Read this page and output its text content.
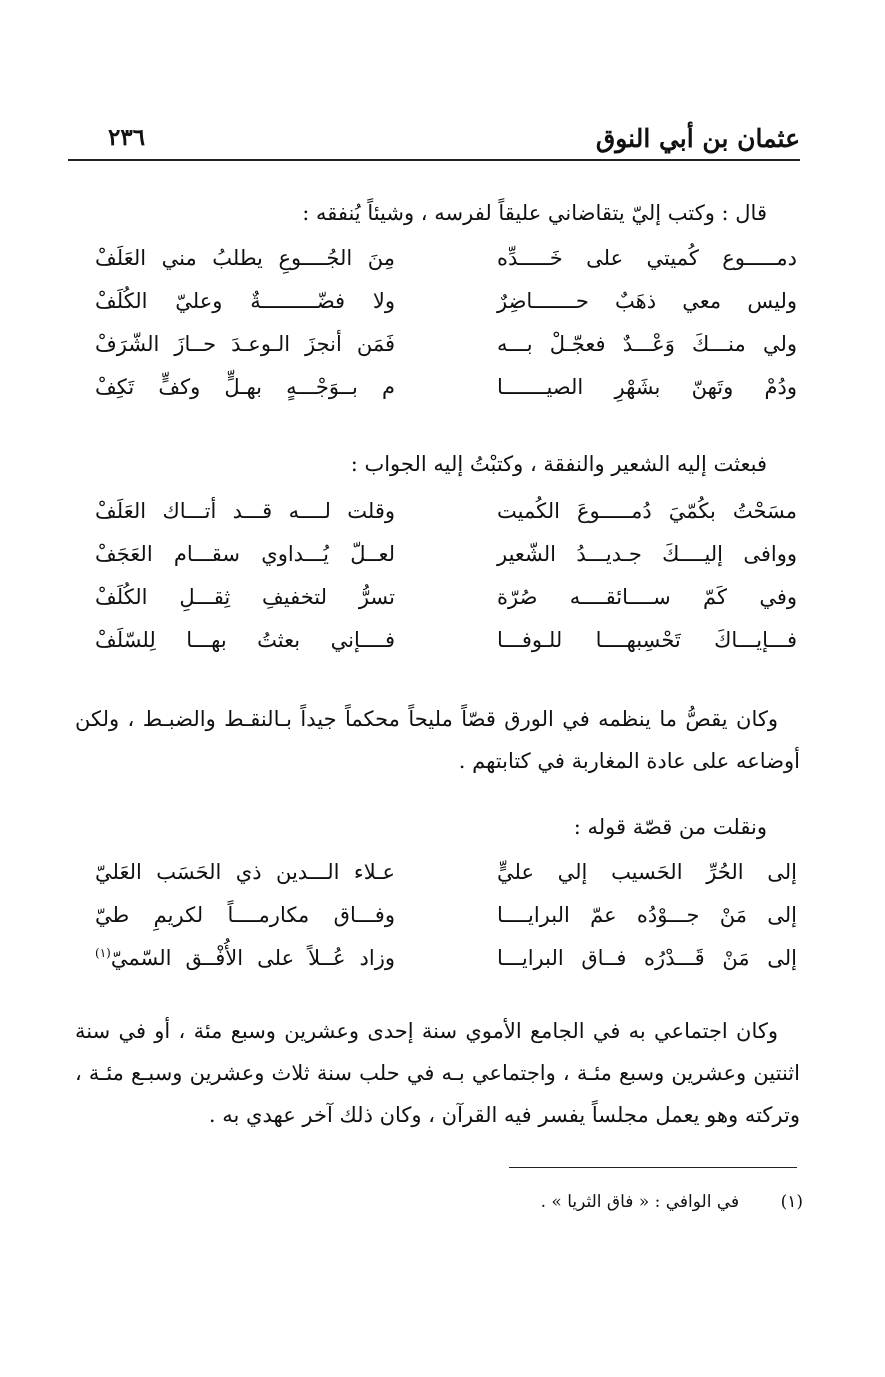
عثمان بن أبي النوق
٢٣٦
قال : وكتب إليّ يتقاضاني عليقاً لفرسه ، وشيئاً يُنفقه :
دمـــــوع كُميتي على خَـــــدِّه
مِنَ الجُــــوعِ يطلبُ مني العَلَفْ
وليس معي ذهَبٌ حـــــــاضِرٌ
ولا فضّـــــــــةٌ وعليّ الكُلَفْ
ولي منـــكَ وَعْـــدٌ فعجّـلْ بـــه
فَمَن أنجزَ الـوعـدَ حــازَ الشّرَفْ
ودُمْ وتَهنّ بشَهْرِ الصيـــــــا
م بــوَجْـــهٍ بهـلٍّ وكفٍّ تَكِفْ
فبعثت إليه الشعير والنفقة ، وكتبْتُ إليه الجواب :
مسَحْتُ بكُمّيَ دُمـــــوعَ الكُميت
وقلت لــــه قـــد أتـــاك العَلَفْ
ووافى إليــــكَ جـديـــدُ الشّعير
لعــلّ يُـــداوي سقـــام العَجَفْ
وفي كَمّ ســــائقــــه صُرّة
تسرُّ لتخفيفِ ثِقـــلِ الكُلَفْ
فـــإيـــاكَ تَحْسِبهــــا للـوفـــا
فــــإني بعثتُ بهـــا لِلسّلَفْ
وكان يقصُّ ما ينظمه في الورق قصّاً مليحاً محكماً جيداً بـالنقـط والضبـط ، ولكن أوضاعه على عادة المغاربة في كتابتهم .
ونقلت من قصّة قوله :
إلى الحُرِّ الحَسيب إلي عليٍّ
عـلاء الـــدين ذي الحَسَب العَليّ
إلى مَنْ جـــوْدُه عمّ البرايــــا
وفـــاق مكارمــــاً لكريمِ طيّ
إلى مَنْ قَـــدْرُه فــاق البرايـــا
وزاد عُــلاً على الأُفْــق السّميّ$^{(١)}$
وكان اجتماعي به في الجامع الأموي سنة إحدى وعشرين وسبع مئة ، أو في سنة اثنتين وعشرين وسبع مئـة ، واجتماعي بـه في حلب سنة ثلاث وعشرين وسبـع مئـة ، وتركته وهو يعمل مجلساً يفسر فيه القرآن ، وكان ذلك آخر عهدي به .
(١) في الوافي : « فاق الثريا » .
